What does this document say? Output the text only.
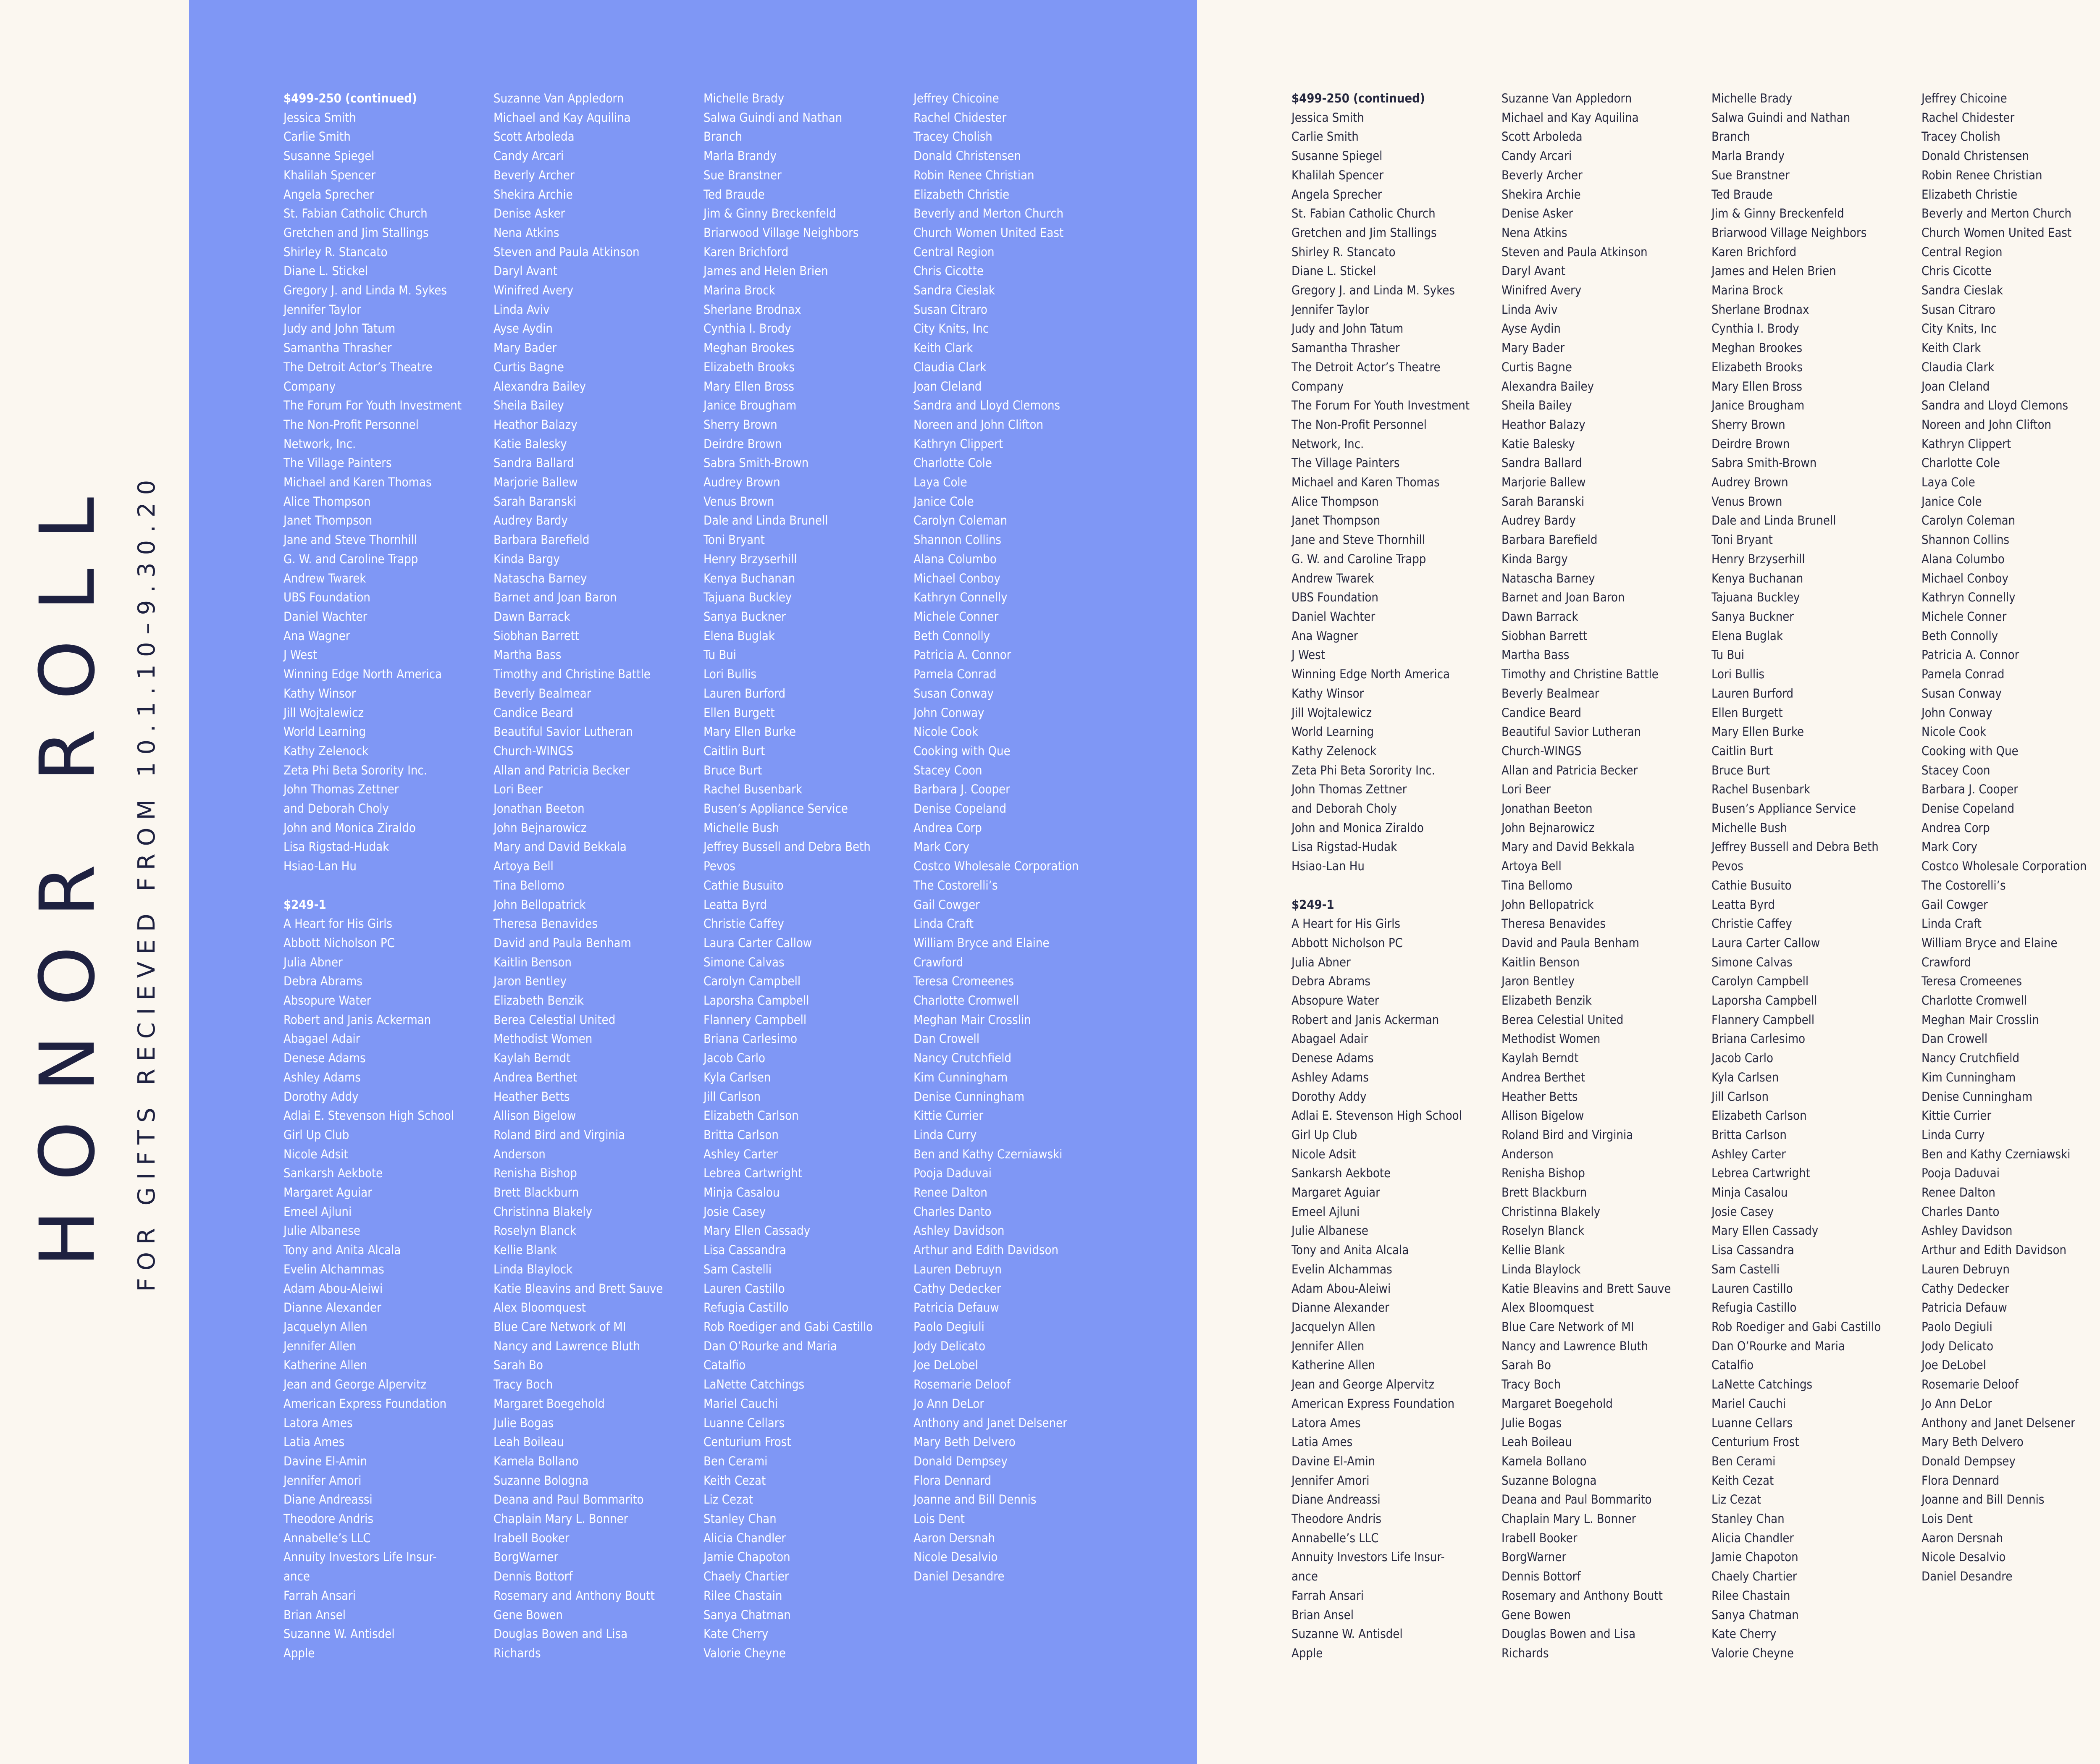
HONOR ROLL FOR GIFTS RECIEVED FROM 10.1.10–9.30.20

$499-250 (continued)

Jessica Smith

Carlie Smith

Susanne Spiegel

Khalilah Spencer

Angela Sprecher

St. Fabian Catholic Church

Gretchen and Jim Stallings

Shirley R. Stancato

Diane L. Stickel

Gregory J. and Linda M. Sykes

Jennifer Taylor

Judy and John Tatum

Samantha Thrasher

The Detroit Actor’s Theatre

Company

The Forum For Youth Investment

The Non-Profit Personnel

Network, Inc.

The Village Painters

Michael and Karen Thomas

Alice Thompson

Janet Thompson

Jane and Steve Thornhill

G. W. and Caroline Trapp

Andrew Twarek

UBS Foundation

Daniel Wachter

Ana Wagner

J West

Winning Edge North America

Kathy Winsor

Jill Wojtalewicz

World Learning

Kathy Zelenock

Zeta Phi Beta Sorority Inc.

John Thomas Zettner

and Deborah Choly

John and Monica Ziraldo

Lisa Rigstad-Hudak

Hsiao-Lan Hu

$249-1

A Heart for His Girls

Abbott Nicholson PC

Julia Abner

Debra Abrams

Absopure Water

Robert and Janis Ackerman

Abagael Adair

Denese Adams

Ashley Adams

Dorothy Addy

Adlai E. Stevenson High School

Girl Up Club

Nicole Adsit

Sankarsh Aekbote

Margaret Aguiar

Emeel Ajluni

Julie Albanese

Tony and Anita Alcala

Evelin Alchammas

Adam Abou-Aleiwi

Dianne Alexander

Jacquelyn Allen

Jennifer Allen

Katherine Allen

Jean and George Alpervitz

American Express Foundation

Latora Ames

Latia Ames

Davine El-Amin

Jennifer Amori

Diane Andreassi

Theodore Andris

Annabelle’s LLC

Annuity Investors Life Insur-

ance

Farrah Ansari

Brian Ansel

Suzanne W. Antisdel

Apple

Suzanne Van Appledorn

Michael and Kay Aquilina

Scott Arboleda

Candy Arcari

Beverly Archer

Shekira Archie

Denise Asker

Nena Atkins

Steven and Paula Atkinson

Daryl Avant

Winifred Avery

Linda Aviv

Ayse Aydin

Mary Bader

Curtis Bagne

Alexandra Bailey

Sheila Bailey

Heathor Balazy

Katie Balesky

Sandra Ballard

Marjorie Ballew

Sarah Baranski

Audrey Bardy

Barbara Barefield

Kinda Bargy

Natascha Barney

Barnet and Joan Baron

Dawn Barrack

Siobhan Barrett

Martha Bass

Timothy and Christine Battle

Beverly Bealmear

Candice Beard

Beautiful Savior Lutheran

Church-WINGS

Allan and Patricia Becker

Lori Beer

Jonathan Beeton

John Bejnarowicz

Mary and David Bekkala

Artoya Bell

Tina Bellomo

John Bellopatrick

Theresa Benavides

David and Paula Benham

Kaitlin Benson

Jaron Bentley

Elizabeth Benzik

Berea Celestial United

Methodist Women

Kaylah Berndt

Andrea Berthet

Heather Betts

Allison Bigelow

Roland Bird and Virginia

Anderson

Renisha Bishop

Brett Blackburn

Christinna Blakely

Roselyn Blanck

Kellie Blank

Linda Blaylock

Katie Bleavins and Brett Sauve

Alex Bloomquest

Blue Care Network of MI

Nancy and Lawrence Bluth

Sarah Bo

Tracy Boch

Margaret Boegehold

Julie Bogas

Leah Boileau

Kamela Bollano

Suzanne Bologna

Deana and Paul Bommarito

Chaplain Mary L. Bonner

Irabell Booker

BorgWarner

Dennis Bottorf

Rosemary and Anthony Boutt

Gene Bowen

Douglas Bowen and Lisa

Richards

Michelle Brady

Salwa Guindi and Nathan

Branch

Marla Brandy

Sue Branstner

Ted Braude

Jim & Ginny Breckenfeld

Briarwood Village Neighbors

Karen Brichford

James and Helen Brien

Marina Brock

Sherlane Brodnax

Cynthia I. Brody

Meghan Brookes

Elizabeth Brooks

Mary Ellen Bross

Janice Brougham

Sherry Brown

Deirdre Brown

Sabra Smith-Brown

Audrey Brown

Venus Brown

Dale and Linda Brunell

Toni Bryant

Henry Brzyserhill

Kenya Buchanan

Tajuana Buckley

Sanya Buckner

Elena Buglak

Tu Bui

Lori Bullis

Lauren Burford

Ellen Burgett

Mary Ellen Burke

Caitlin Burt

Bruce Burt

Rachel Busenbark

Busen’s Appliance Service

Michelle Bush

Jeffrey Bussell and Debra Beth

Pevos

Cathie Busuito

Leatta Byrd

Christie Caffey

Laura Carter Callow

Simone Calvas

Carolyn Campbell

Laporsha Campbell

Flannery Campbell

Briana Carlesimo

Jacob Carlo

Kyla Carlsen

Jill Carlson

Elizabeth Carlson

Britta Carlson

Ashley Carter

Lebrea Cartwright

Minja Casalou

Josie Casey

Mary Ellen Cassady

Lisa Cassandra

Sam Castelli

Lauren Castillo

Refugia Castillo

Rob Roediger and Gabi Castillo

Dan O’Rourke and Maria

Catalfio

LaNette Catchings

Mariel Cauchi

Luanne Cellars

Centurium Frost

Ben Cerami

Keith Cezat

Liz Cezat

Stanley Chan

Alicia Chandler

Jamie Chapoton

Chaely Chartier

Rilee Chastain

Sanya Chatman

Kate Cherry

Valorie Cheyne

Jeffrey Chicoine

Rachel Chidester

Tracey Cholish

Donald Christensen

Robin Renee Christian

Elizabeth Christie

Beverly and Merton Church

Church Women United East

Central Region

Chris Cicotte

Sandra Cieslak

Susan Citraro

City Knits, Inc

Keith Clark

Claudia Clark

Joan Cleland

Sandra and Lloyd Clemons

Noreen and John Clifton

Kathryn Clippert

Charlotte Cole

Laya Cole

Janice Cole

Carolyn Coleman

Shannon Collins

Alana Columbo

Michael Conboy

Kathryn Connelly

Michele Conner

Beth Connolly

Patricia A. Connor

Pamela Conrad

Susan Conway

John Conway

Nicole Cook

Cooking with Que

Stacey Coon

Barbara J. Cooper

Denise Copeland

Andrea Corp

Mark Cory

Costco Wholesale Corporation

The Costorelli’s

Gail Cowger

Linda Craft

William Bryce and Elaine

Crawford

Teresa Cromeenes

Charlotte Cromwell

Meghan Mair Crosslin

Dan Crowell

Nancy Crutchfield

Kim Cunningham

Denise Cunningham

Kittie Currier

Linda Curry

Ben and Kathy Czerniawski

Pooja Daduvai

Renee Dalton

Charles Danto

Ashley Davidson

Arthur and Edith Davidson

Lauren Debruyn

Cathy Dedecker

Patricia Defauw

Paolo Degiuli

Jody Delicato

Joe DeLobel

Rosemarie Deloof

Jo Ann DeLor

Anthony and Janet Delsener

Mary Beth Delvero

Donald Dempsey

Flora Dennard

Joanne and Bill Dennis

Lois Dent

Aaron Dersnah

Nicole Desalvio

Daniel Desandre

$499-250 (continued)

Jessica Smith

Carlie Smith

Susanne Spiegel

Khalilah Spencer

Angela Sprecher

St. Fabian Catholic Church

Gretchen and Jim Stallings

Shirley R. Stancato

Diane L. Stickel

Gregory J. and Linda M. Sykes

Jennifer Taylor

Judy and John Tatum

Samantha Thrasher

The Detroit Actor’s Theatre

Company

The Forum For Youth Investment

The Non-Profit Personnel

Network, Inc.

The Village Painters

Michael and Karen Thomas

Alice Thompson

Janet Thompson

Jane and Steve Thornhill

G. W. and Caroline Trapp

Andrew Twarek

UBS Foundation

Daniel Wachter

Ana Wagner

J West

Winning Edge North America

Kathy Winsor

Jill Wojtalewicz

World Learning

Kathy Zelenock

Zeta Phi Beta Sorority Inc.

John Thomas Zettner

and Deborah Choly

John and Monica Ziraldo

Lisa Rigstad-Hudak

Hsiao-Lan Hu

$249-1

A Heart for His Girls

Abbott Nicholson PC

Julia Abner

Debra Abrams

Absopure Water

Robert and Janis Ackerman

Abagael Adair

Denese Adams

Ashley Adams

Dorothy Addy

Adlai E. Stevenson High School

Girl Up Club

Nicole Adsit

Sankarsh Aekbote

Margaret Aguiar

Emeel Ajluni

Julie Albanese

Tony and Anita Alcala

Evelin Alchammas

Adam Abou-Aleiwi

Dianne Alexander

Jacquelyn Allen

Jennifer Allen

Katherine Allen

Jean and George Alpervitz

American Express Foundation

Latora Ames

Latia Ames

Davine El-Amin

Jennifer Amori

Diane Andreassi

Theodore Andris

Annabelle’s LLC

Annuity Investors Life Insur-

ance

Farrah Ansari

Brian Ansel

Suzanne W. Antisdel

Apple

Suzanne Van Appledorn

Michael and Kay Aquilina

Scott Arboleda

Candy Arcari

Beverly Archer

Shekira Archie

Denise Asker

Nena Atkins

Steven and Paula Atkinson

Daryl Avant

Winifred Avery

Linda Aviv

Ayse Aydin

Mary Bader

Curtis Bagne

Alexandra Bailey

Sheila Bailey

Heathor Balazy

Katie Balesky

Sandra Ballard

Marjorie Ballew

Sarah Baranski

Audrey Bardy

Barbara Barefield

Kinda Bargy

Natascha Barney

Barnet and Joan Baron

Dawn Barrack

Siobhan Barrett

Martha Bass

Timothy and Christine Battle

Beverly Bealmear

Candice Beard

Beautiful Savior Lutheran

Church-WINGS

Allan and Patricia Becker

Lori Beer

Jonathan Beeton

John Bejnarowicz

Mary and David Bekkala

Artoya Bell

Tina Bellomo

John Bellopatrick

Theresa Benavides

David and Paula Benham

Kaitlin Benson

Jaron Bentley

Elizabeth Benzik

Berea Celestial United

Methodist Women

Kaylah Berndt

Andrea Berthet

Heather Betts

Allison Bigelow

Roland Bird and Virginia

Anderson

Renisha Bishop

Brett Blackburn

Christinna Blakely

Roselyn Blanck

Kellie Blank

Linda Blaylock

Katie Bleavins and Brett Sauve

Alex Bloomquest

Blue Care Network of MI

Nancy and Lawrence Bluth

Sarah Bo

Tracy Boch

Margaret Boegehold

Julie Bogas

Leah Boileau

Kamela Bollano

Suzanne Bologna

Deana and Paul Bommarito

Chaplain Mary L. Bonner

Irabell Booker

BorgWarner

Dennis Bottorf

Rosemary and Anthony Boutt

Gene Bowen

Douglas Bowen and Lisa

Richards

Michelle Brady

Salwa Guindi and Nathan

Branch

Marla Brandy

Sue Branstner

Ted Braude

Jim & Ginny Breckenfeld

Briarwood Village Neighbors

Karen Brichford

James and Helen Brien

Marina Brock

Sherlane Brodnax

Cynthia I. Brody

Meghan Brookes

Elizabeth Brooks

Mary Ellen Bross

Janice Brougham

Sherry Brown

Deirdre Brown

Sabra Smith-Brown

Audrey Brown

Venus Brown

Dale and Linda Brunell

Toni Bryant

Henry Brzyserhill

Kenya Buchanan

Tajuana Buckley

Sanya Buckner

Elena Buglak

Tu Bui

Lori Bullis

Lauren Burford

Ellen Burgett

Mary Ellen Burke

Caitlin Burt

Bruce Burt

Rachel Busenbark

Busen’s Appliance Service

Michelle Bush

Jeffrey Bussell and Debra Beth

Pevos

Cathie Busuito

Leatta Byrd

Christie Caffey

Laura Carter Callow

Simone Calvas

Carolyn Campbell

Laporsha Campbell

Flannery Campbell

Briana Carlesimo

Jacob Carlo

Kyla Carlsen

Jill Carlson

Elizabeth Carlson

Britta Carlson

Ashley Carter

Lebrea Cartwright

Minja Casalou

Josie Casey

Mary Ellen Cassady

Lisa Cassandra

Sam Castelli

Lauren Castillo

Refugia Castillo

Rob Roediger and Gabi Castillo

Dan O’Rourke and Maria

Catalfio

LaNette Catchings

Mariel Cauchi

Luanne Cellars

Centurium Frost

Ben Cerami

Keith Cezat

Liz Cezat

Stanley Chan

Alicia Chandler

Jamie Chapoton

Chaely Chartier

Rilee Chastain

Sanya Chatman

Kate Cherry

Valorie Cheyne

Jeffrey Chicoine

Rachel Chidester

Tracey Cholish

Donald Christensen

Robin Renee Christian

Elizabeth Christie

Beverly and Merton Church

Church Women United East

Central Region

Chris Cicotte

Sandra Cieslak

Susan Citraro

City Knits, Inc

Keith Clark

Claudia Clark

Joan Cleland

Sandra and Lloyd Clemons

Noreen and John Clifton

Kathryn Clippert

Charlotte Cole

Laya Cole

Janice Cole

Carolyn Coleman

Shannon Collins

Alana Columbo

Michael Conboy

Kathryn Connelly

Michele Conner

Beth Connolly

Patricia A. Connor

Pamela Conrad

Susan Conway

John Conway

Nicole Cook

Cooking with Que

Stacey Coon

Barbara J. Cooper

Denise Copeland

Andrea Corp

Mark Cory

Costco Wholesale Corporation

The Costorelli’s

Gail Cowger

Linda Craft

William Bryce and Elaine

Crawford

Teresa Cromeenes

Charlotte Cromwell

Meghan Mair Crosslin

Dan Crowell

Nancy Crutchfield

Kim Cunningham

Denise Cunningham

Kittie Currier

Linda Curry

Ben and Kathy Czerniawski

Pooja Daduvai

Renee Dalton

Charles Danto

Ashley Davidson

Arthur and Edith Davidson

Lauren Debruyn

Cathy Dedecker

Patricia Defauw

Paolo Degiuli

Jody Delicato

Joe DeLobel

Rosemarie Deloof

Jo Ann DeLor

Anthony and Janet Delsener

Mary Beth Delvero

Donald Dempsey

Flora Dennard

Joanne and Bill Dennis

Lois Dent

Aaron Dersnah

Nicole Desalvio

Daniel Desandre
